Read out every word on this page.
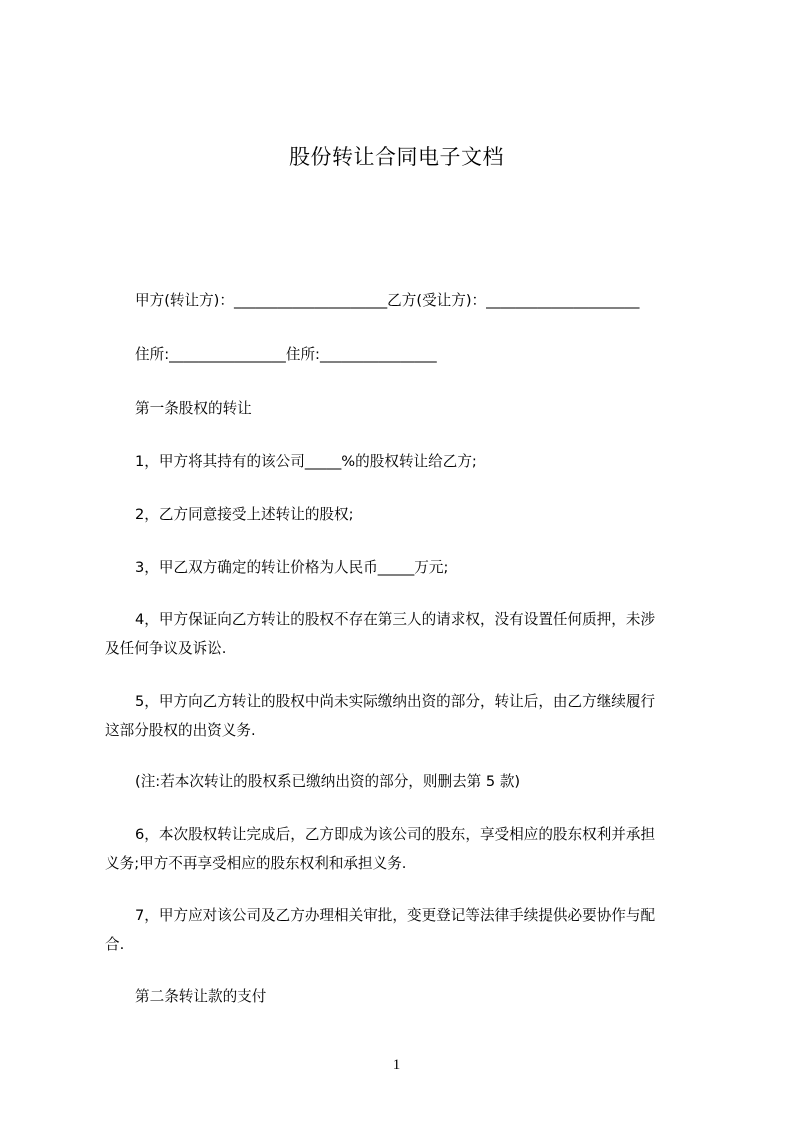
股份转让合同电子文档
甲方(转让方)：_____________________乙方(受让方)：_____________________
住所:________________住所:________________
第一条股权的转让
1，甲方将其持有的该公司_____%的股权转让给乙方;
2，乙方同意接受上述转让的股权;
3，甲乙双方确定的转让价格为人民币_____万元;
4，甲方保证向乙方转让的股权不存在第三人的请求权，没有设置任何质押，未涉
及任何争议及诉讼.
5，甲方向乙方转让的股权中尚未实际缴纳出资的部分，转让后，由乙方继续履行
这部分股权的出资义务.
(注:若本次转让的股权系已缴纳出资的部分，则删去第 5 款)
6，本次股权转让完成后，乙方即成为该公司的股东，享受相应的股东权利并承担
义务;甲方不再享受相应的股东权利和承担义务.
7，甲方应对该公司及乙方办理相关审批，变更登记等法律手续提供必要协作与配
合.
第二条转让款的支付
1
